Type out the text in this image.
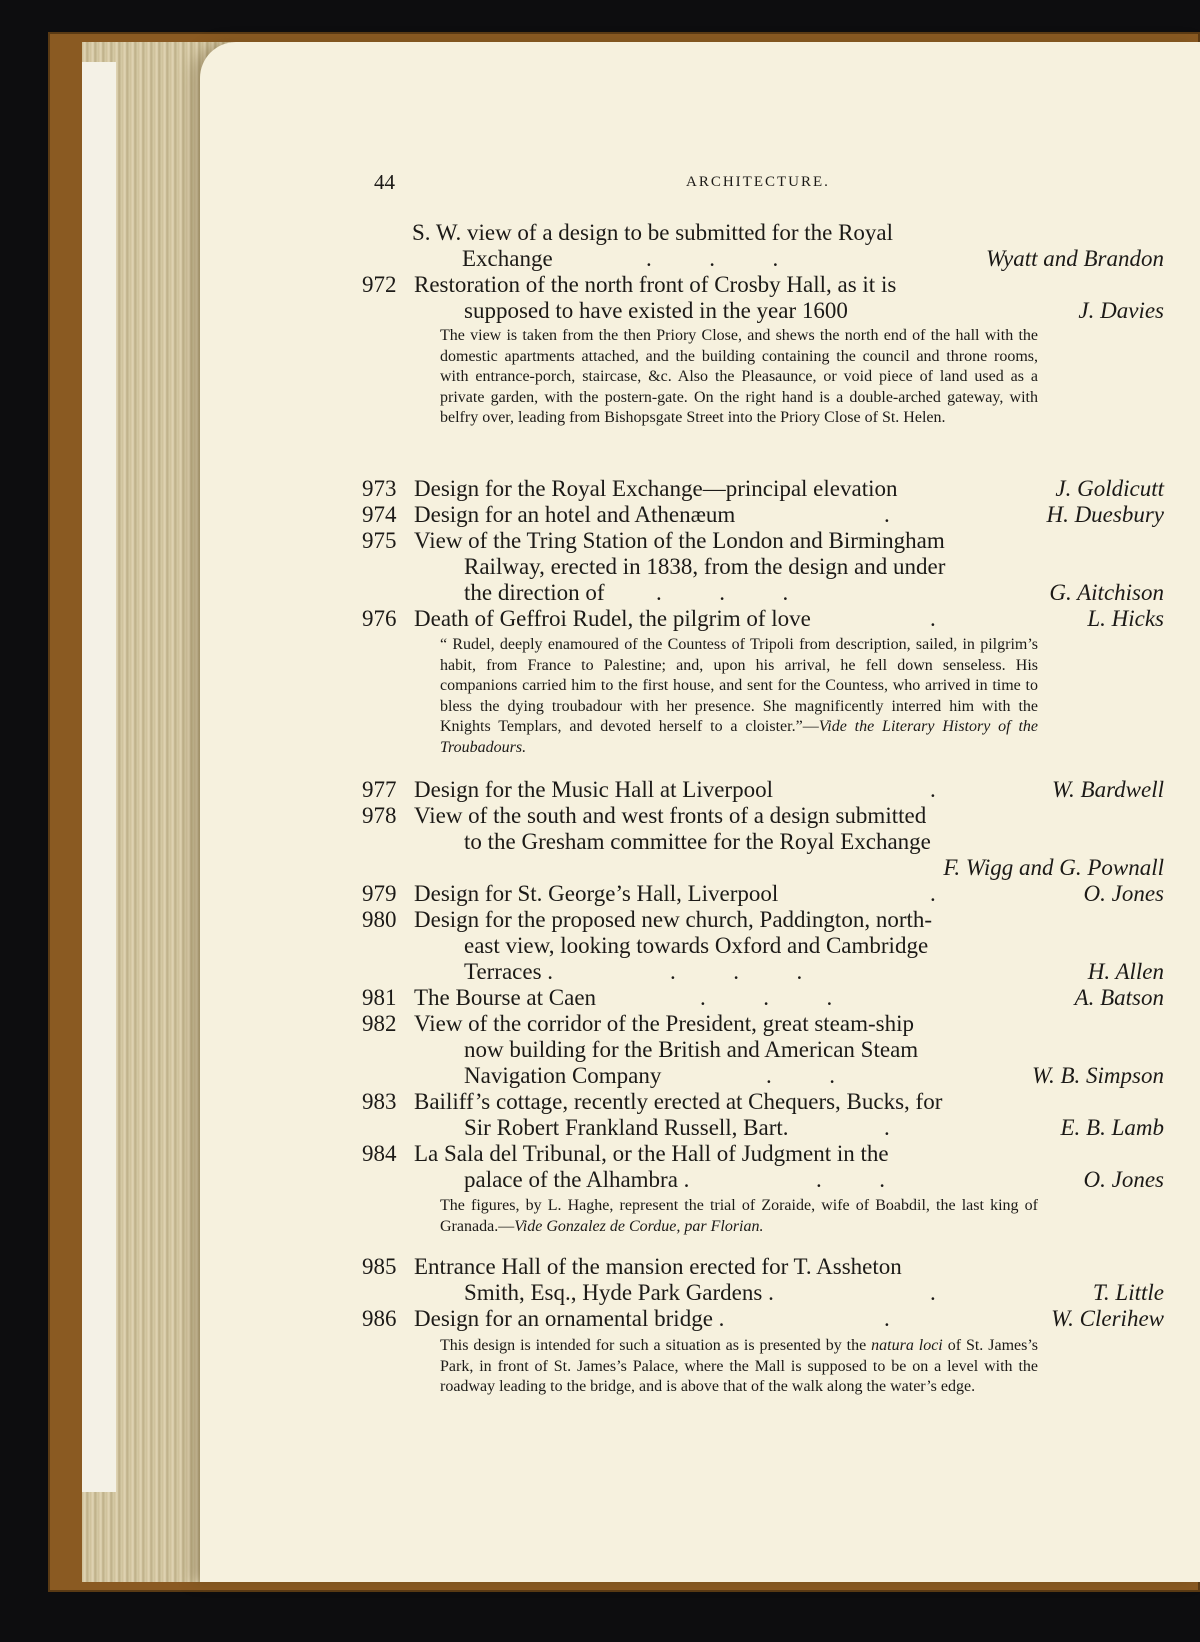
44	ARCHITECTURE.
S. W. view of a design to be submitted for the Royal
Exchange	.          .          .	Wyatt and Brandon
972 Restoration of the north front of Crosby Hall, as it is
supposed to have existed in the year 1600	J. Davies
The view is taken from the then Priory Close, and shews the north end of the hall with the domestic apartments attached, and the building containing the council and throne rooms, with entrance-porch, staircase, &c. Also the Pleasaunce, or void piece of land used as a private garden, with the postern-gate. On the right hand is a double-arched gateway, with belfry over, leading from Bishopsgate Street into the Priory Close of St. Helen.
973 Design for the Royal Exchange—principal elevation	J. Goldicutt
974 Design for an hotel and Athenæum	.	H. Duesbury
975 View of the Tring Station of the London and Birmingham
Railway, erected in 1838, from the design and under
the direction of .          .          .	G. Aitchison
976 Death of Geffroi Rudel, the pilgrim of love	.	L. Hicks
“ Rudel, deeply enamoured of the Countess of Tripoli from description, sailed, in pilgrim’s habit, from France to Palestine; and, upon his arrival, he fell down senseless. His companions carried him to the first house, and sent for the Countess, who arrived in time to bless the dying troubadour with her presence. She magnificently interred him with the Knights Templars, and devoted herself to a cloister.”—Vide the Literary History of the Troubadours.
977 Design for the Music Hall at Liverpool	.	W. Bardwell
978 View of the south and west fronts of a design submitted
to the Gresham committee for the Royal Exchange
F. Wigg and G. Pownall
979 Design for St. George’s Hall, Liverpool	.	O. Jones
980 Design for the proposed new church, Paddington, north-
east view, looking towards Oxford and Cambridge
Terraces .	.          .          .	H. Allen
981 The Bourse at Caen	.          .          .	A. Batson
982 View of the corridor of the President, great steam-ship
now building for the British and American Steam
Navigation Company	.          .	W. B. Simpson
983 Bailiff’s cottage, recently erected at Chequers, Bucks, for
Sir Robert Frankland Russell, Bart.	.	E. B. Lamb
984 La Sala del Tribunal, or the Hall of Judgment in the
palace of the Alhambra .	.          .	O. Jones
The figures, by L. Haghe, represent the trial of Zoraide, wife of Boabdil, the last king of Granada.—Vide Gonzalez de Cordue, par Florian.
985 Entrance Hall of the mansion erected for T. Assheton
Smith, Esq., Hyde Park Gardens .	.	T. Little
986 Design for an ornamental bridge .	.	W. Clerihew
This design is intended for such a situation as is presented by the natura loci of St. James’s Park, in front of St. James’s Palace, where the Mall is supposed to be on a level with the roadway leading to the bridge, and is above that of the walk along the water’s edge.
